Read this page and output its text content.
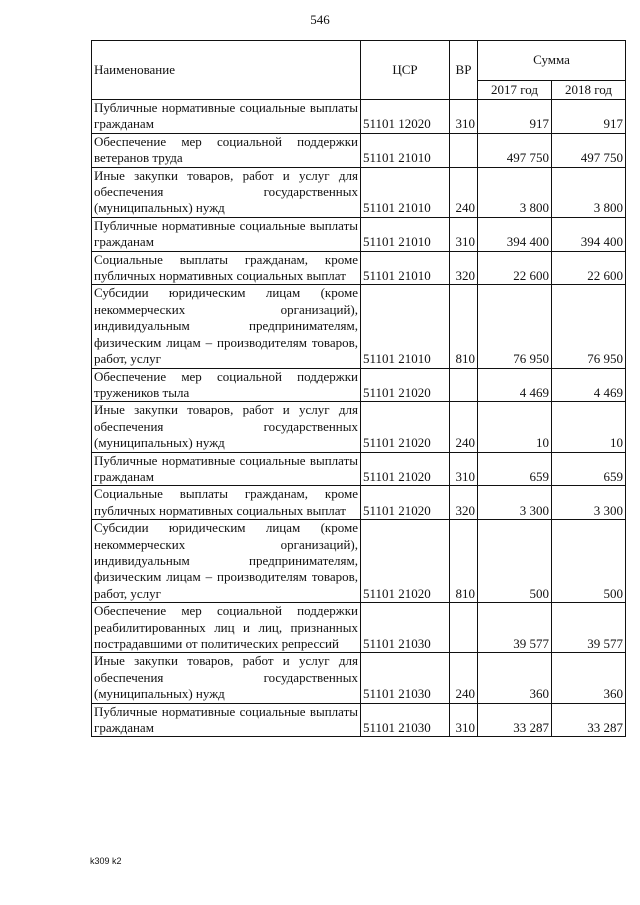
546
Наименование	ЦСР	ВР	Сумма	
			2017 год	2018 год
Публичные нормативные социальные выплаты гражданам	51101 12020	310	917	917
Обеспечение мер социальной поддержки ветеранов труда	51101 21010		497 750	497 750
Иные закупки товаров, работ и услуг для обеспечения государственных (муниципальных) нужд	51101 21010	240	3 800	3 800
Публичные нормативные социальные выплаты гражданам	51101 21010	310	394 400	394 400
Социальные выплаты гражданам, кроме публичных нормативных социальных выплат	51101 21010	320	22 600	22 600
Субсидии юридическим лицам (кроме некоммерческих организаций), индивидуальным предпринимателям, физическим лицам – производителям товаров, работ, услуг	51101 21010	810	76 950	76 950
Обеспечение мер социальной поддержки тружеников тыла	51101 21020		4 469	4 469
Иные закупки товаров, работ и услуг для обеспечения государственных (муниципальных) нужд	51101 21020	240	10	10
Публичные нормативные социальные выплаты гражданам	51101 21020	310	659	659
Социальные выплаты гражданам, кроме публичных нормативных социальных выплат	51101 21020	320	3 300	3 300
Субсидии юридическим лицам (кроме некоммерческих организаций), индивидуальным предпринимателям, физическим лицам – производителям товаров, работ, услуг	51101 21020	810	500	500
Обеспечение мер социальной поддержки реабилитированных лиц и лиц, признанных пострадавшими от политических репрессий	51101 21030		39 577	39 577
Иные закупки товаров, работ и услуг для обеспечения государственных (муниципальных) нужд	51101 21030	240	360	360
Публичные нормативные социальные выплаты гражданам	51101 21030	310	33 287	33 287
k309 k2
